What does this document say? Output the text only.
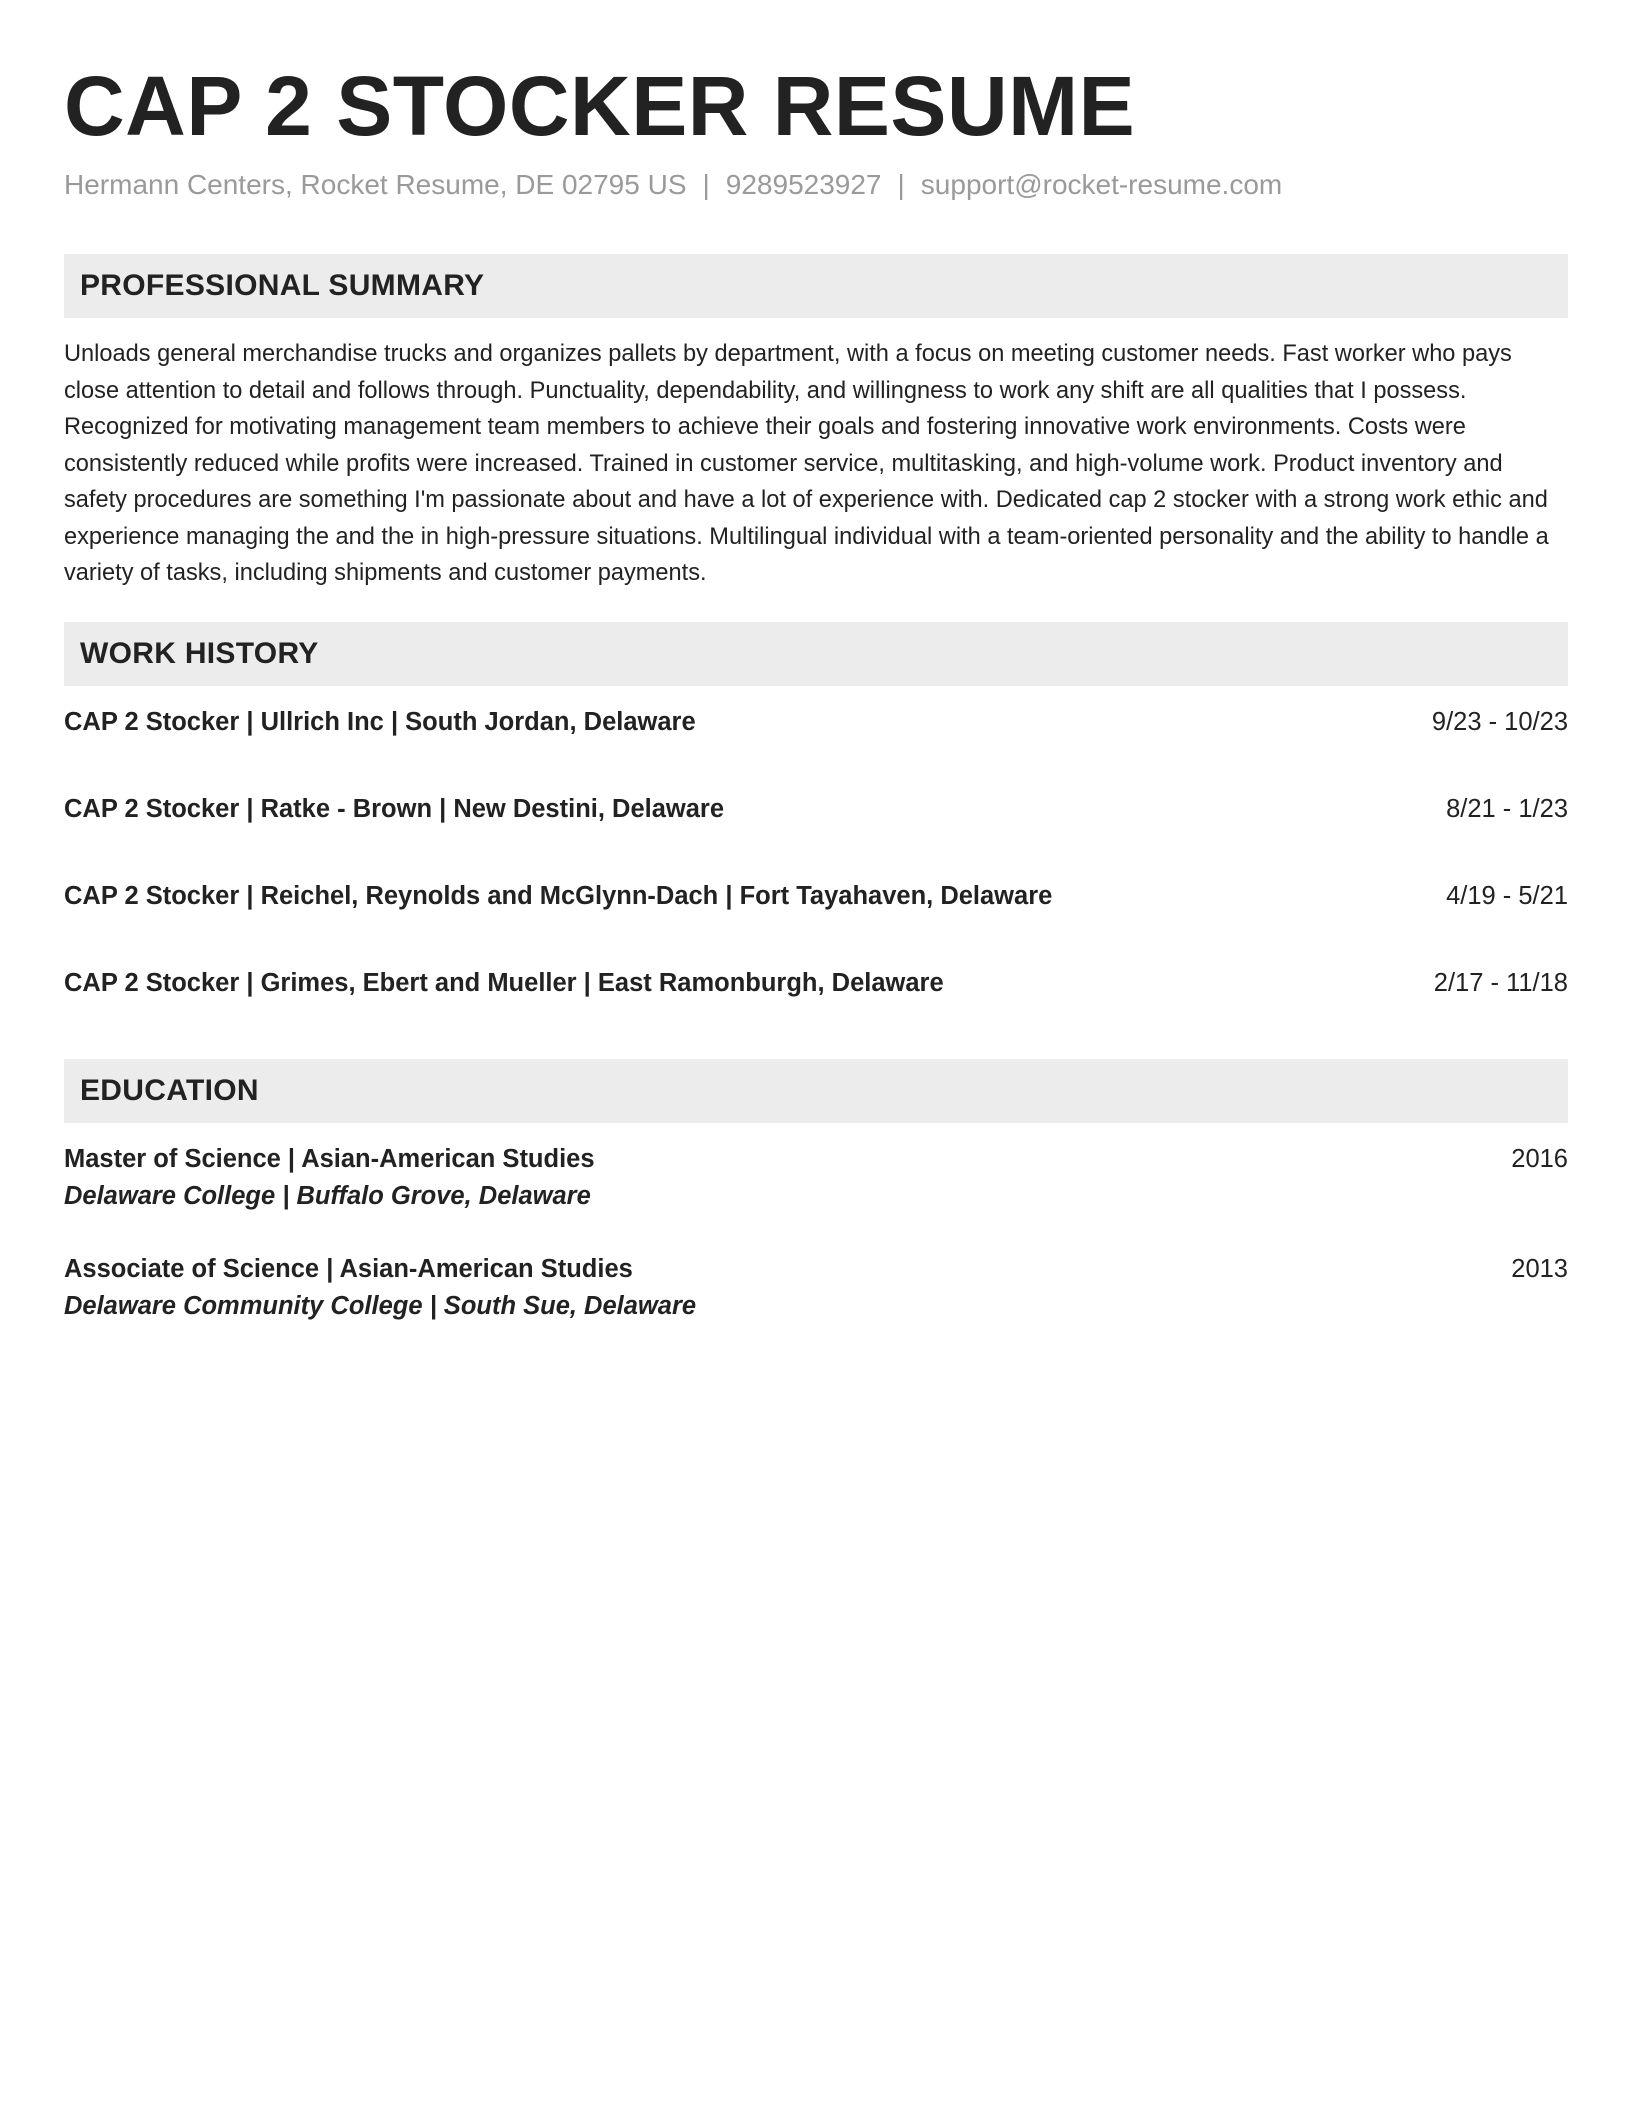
CAP 2 STOCKER RESUME
Hermann Centers, Rocket Resume, DE 02795 US | 9289523927 | support@rocket-resume.com
PROFESSIONAL SUMMARY
Unloads general merchandise trucks and organizes pallets by department, with a focus on meeting customer needs. Fast worker who pays close attention to detail and follows through. Punctuality, dependability, and willingness to work any shift are all qualities that I possess. Recognized for motivating management team members to achieve their goals and fostering innovative work environments. Costs were consistently reduced while profits were increased. Trained in customer service, multitasking, and high-volume work. Product inventory and safety procedures are something I'm passionate about and have a lot of experience with. Dedicated cap 2 stocker with a strong work ethic and experience managing the and the in high-pressure situations. Multilingual individual with a team-oriented personality and the ability to handle a variety of tasks, including shipments and customer payments.
WORK HISTORY
CAP 2 Stocker | Ullrich Inc | South Jordan, Delaware	9/23 - 10/23
CAP 2 Stocker | Ratke - Brown | New Destini, Delaware	8/21 - 1/23
CAP 2 Stocker | Reichel, Reynolds and McGlynn-Dach | Fort Tayahaven, Delaware	4/19 - 5/21
CAP 2 Stocker | Grimes, Ebert and Mueller | East Ramonburgh, Delaware	2/17 - 11/18
EDUCATION
Master of Science | Asian-American Studies	2016
Delaware College | Buffalo Grove, Delaware
Associate of Science | Asian-American Studies	2013
Delaware Community College | South Sue, Delaware
